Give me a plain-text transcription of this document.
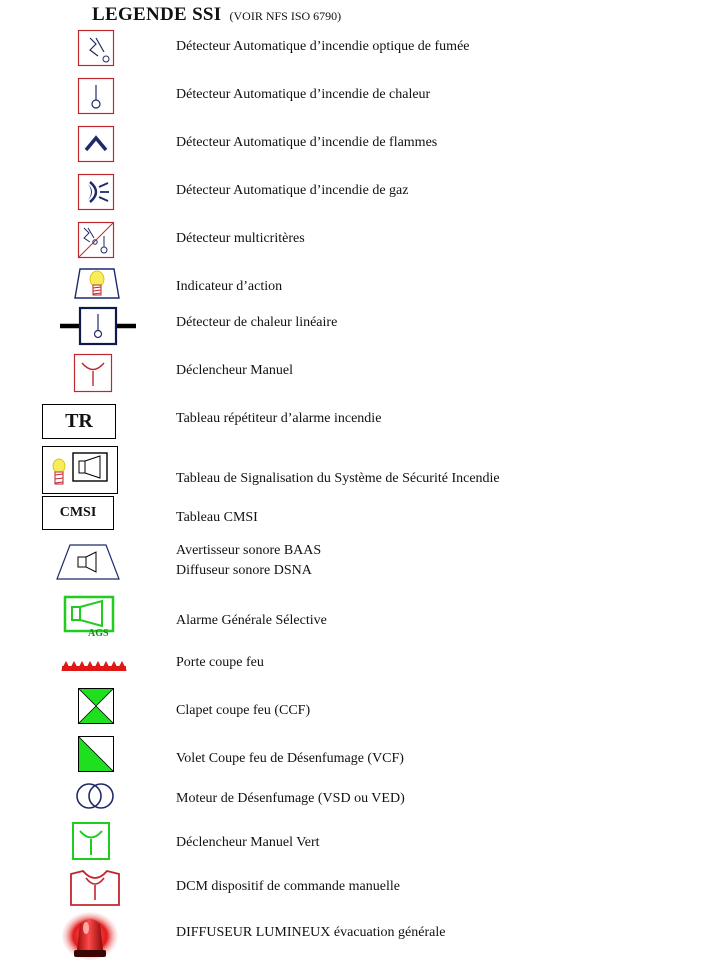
LEGENDE SSI (VOIR NFS ISO 6790)
Détecteur Automatique d’incendie optique de fumée
Détecteur Automatique d’incendie de chaleur
Détecteur Automatique d’incendie de flammes
Détecteur Automatique d’incendie de gaz
Détecteur multicritères
Indicateur d’action
Détecteur de chaleur linéaire
Déclencheur Manuel
TR	Tableau répétiteur d’alarme incendie
Tableau de Signalisation du Système de Sécurité Incendie
CMSI	Tableau CMSI
Avertisseur sonore BAAS
Diffuseur sonore DSNA
AGS
Alarme Générale Sélective
Porte coupe feu
Clapet coupe feu (CCF)
Volet Coupe feu de Désenfumage (VCF)
Moteur de Désenfumage (VSD ou VED)
Déclencheur Manuel Vert
DCM dispositif de commande manuelle
DIFFUSEUR LUMINEUX évacuation générale
